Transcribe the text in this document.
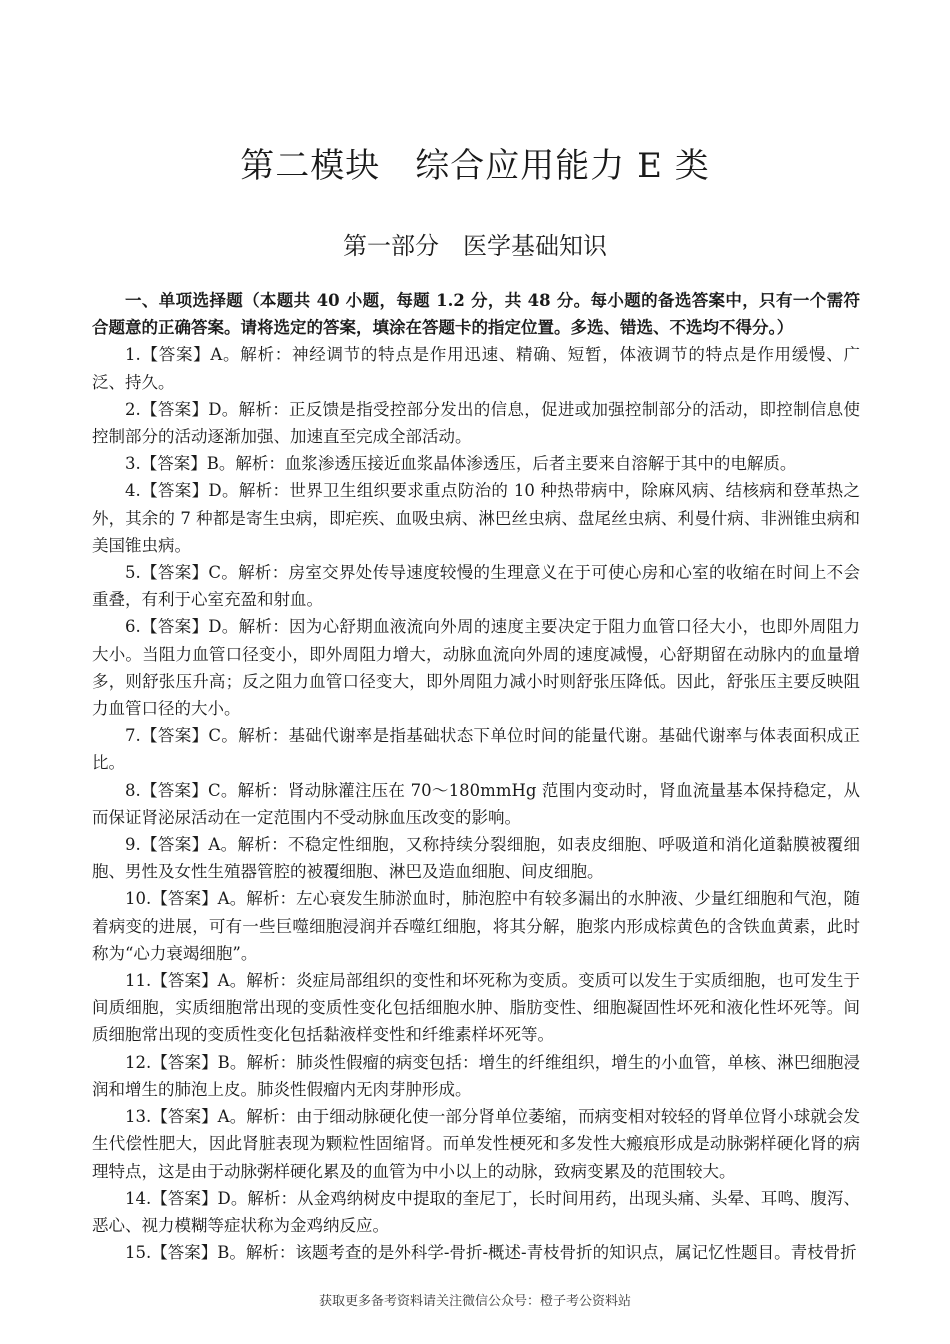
第二模块　综合应用能力 E 类
第一部分　医学基础知识

一、单项选择题（本题共 40 小题，每题 1.2 分，共 48 分。每小题的备选答案中，只有一个需符合题意的正确答案。请将选定的答案，填涂在答题卡的指定位置。多选、错选、不选均不得分。）

1.【答案】A。解析：神经调节的特点是作用迅速、精确、短暂，体液调节的特点是作用缓慢、广泛、持久。

2.【答案】D。解析：正反馈是指受控部分发出的信息，促进或加强控制部分的活动，即控制信息使控制部分的活动逐渐加强、加速直至完成全部活动。

3.【答案】B。解析：血浆渗透压接近血浆晶体渗透压，后者主要来自溶解于其中的电解质。

4.【答案】D。解析：世界卫生组织要求重点防治的 10 种热带病中，除麻风病、结核病和登革热之外，其余的 7 种都是寄生虫病，即疟疾、血吸虫病、淋巴丝虫病、盘尾丝虫病、利曼什病、非洲锥虫病和美国锥虫病。

5.【答案】C。解析：房室交界处传导速度较慢的生理意义在于可使心房和心室的收缩在时间上不会重叠，有利于心室充盈和射血。

6.【答案】D。解析：因为心舒期血液流向外周的速度主要决定于阻力血管口径大小，也即外周阻力大小。当阻力血管口径变小，即外周阻力增大，动脉血流向外周的速度减慢，心舒期留在动脉内的血量增多，则舒张压升高；反之阻力血管口径变大，即外周阻力减小时则舒张压降低。因此，舒张压主要反映阻力血管口径的大小。

7.【答案】C。解析：基础代谢率是指基础状态下单位时间的能量代谢。基础代谢率与体表面积成正比。

8.【答案】C。解析：肾动脉灌注压在 70～180mmHg 范围内变动时，肾血流量基本保持稳定，从而保证肾泌尿活动在一定范围内不受动脉血压改变的影响。

9.【答案】A。解析：不稳定性细胞，又称持续分裂细胞，如表皮细胞、呼吸道和消化道黏膜被覆细胞、男性及女性生殖器管腔的被覆细胞、淋巴及造血细胞、间皮细胞。

10.【答案】A。解析：左心衰发生肺淤血时，肺泡腔中有较多漏出的水肿液、少量红细胞和气泡，随着病变的进展，可有一些巨噬细胞浸润并吞噬红细胞，将其分解，胞浆内形成棕黄色的含铁血黄素，此时称为“心力衰竭细胞”。

11.【答案】A。解析：炎症局部组织的变性和坏死称为变质。变质可以发生于实质细胞，也可发生于间质细胞，实质细胞常出现的变质性变化包括细胞水肿、脂肪变性、细胞凝固性坏死和液化性坏死等。间质细胞常出现的变质性变化包括黏液样变性和纤维素样坏死等。

12.【答案】B。解析：肺炎性假瘤的病变包括：增生的纤维组织，增生的小血管，单核、淋巴细胞浸润和增生的肺泡上皮。肺炎性假瘤内无肉芽肿形成。

13.【答案】A。解析：由于细动脉硬化使一部分肾单位萎缩，而病变相对较轻的肾单位肾小球就会发生代偿性肥大，因此肾脏表现为颗粒性固缩肾。而单发性梗死和多发性大瘢痕形成是动脉粥样硬化肾的病理特点，这是由于动脉粥样硬化累及的血管为中小以上的动脉，致病变累及的范围较大。

14.【答案】D。解析：从金鸡纳树皮中提取的奎尼丁，长时间用药，出现头痛、头晕、耳鸣、腹泻、恶心、视力模糊等症状称为金鸡纳反应。

15.【答案】B。解析：该题考查的是外科学-骨折-概述-青枝骨折的知识点，属记忆性题目。青枝骨折

获取更多备考资料请关注微信公众号：橙子考公资料站
